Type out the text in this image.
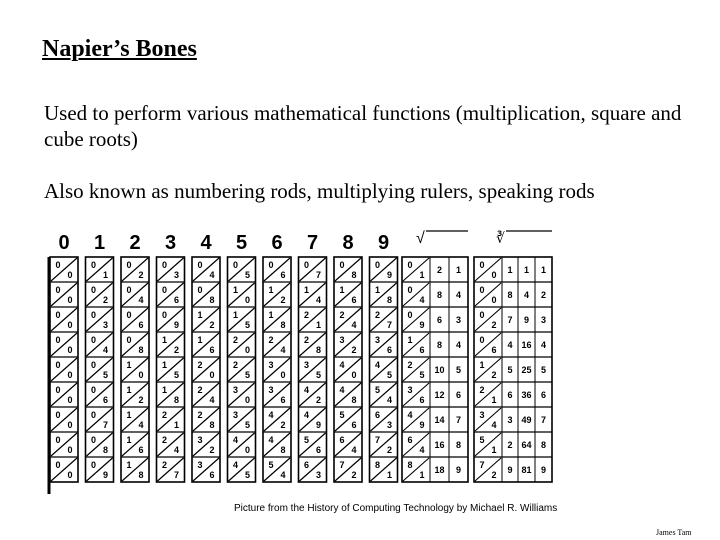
Napier’s Bones

Used to perform various mathematical functions (multiplication, square and cube roots)

Also known as numbering rods, multiplying rulers, speaking rods

0
0
0
0
0
0
0
0
0
0
0
0
0
0
0
0
0
0
0
1
0
1
0
2
0
3
0
4
0
5
0
6
0
7
0
8
0
9
2
0
2
0
4
0
6
0
8
1
0
1
2
1
4
1
6
1
8
3
0
3
0
6
0
9
1
2
1
5
1
8
2
1
2
4
2
7
4
0
4
0
8
1
2
1
6
2
0
2
4
2
8
3
2
3
6
5
0
5
1
0
1
5
2
0
2
5
3
0
3
5
4
0
4
5
6
0
6
1
2
1
8
2
4
3
0
3
6
4
2
4
8
5
4
7
0
7
1
4
2
1
2
8
3
5
4
2
4
9
5
6
6
3
8
0
8
1
6
2
4
3
2
4
0
4
8
5
6
6
4
7
2
9
0
9
1
8
2
7
3
6
4
5
5
4
6
3
7
2
8
1
√
0
1 2 1
0
4 8 4
0
9 6 3
1
6 8 4
2
5 10 5
3
6 12 6
4
9 14 7
6
4 16 8
8
1 18 9
∛
0
0 1 1 1
0
0 8 4 2
0
2 7 9 3
0
6 4 16 4
1
2 5 25 5
2
1 6 36 6
3
4 3 49 7
5
1 2 64 8
7
2 9 81 9
Picture from the History of Computing Technology by Michael R. Williams
James Tam
